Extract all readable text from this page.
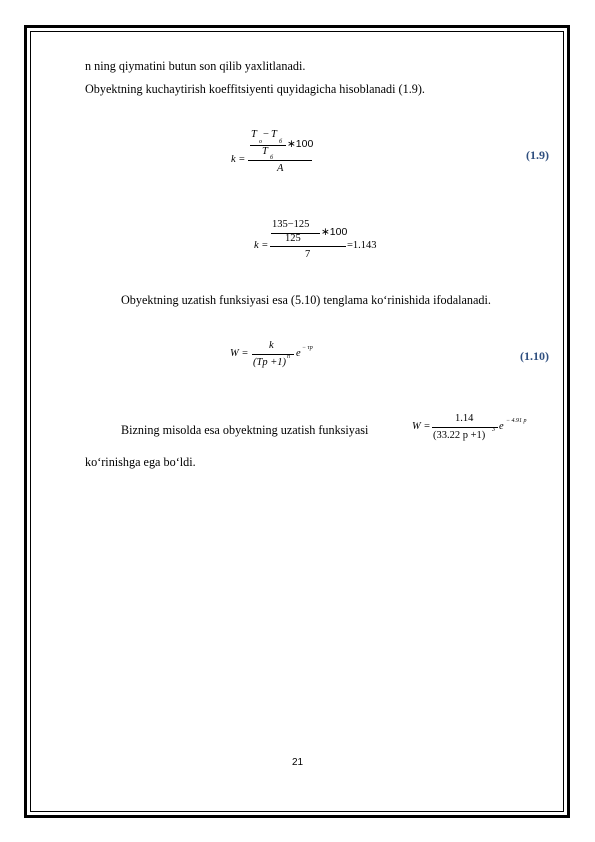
n ning qiymatini butun son qilib yaxlitlanadi.
Obyektning kuchaytirish koeffitsiyenti quyidagicha hisoblanadi (1.9).
k =
T
o
− T
б
T
б
∗100
A
(1.9)
k =
135−125
125
∗100
7
=1.143
Obyektning uzatish funksiyasi esa (5.10) tenglama ko‘rinishida ifodalanadi.
W =
k
(Tp +1) n e − τp
(1.10)
Bizning misolda esa obyektning uzatish funksiyasi	W =
1.14
(33.22 p +1) 3 e − 4.91 p
ko‘rinishga ega bo‘ldi.
21
